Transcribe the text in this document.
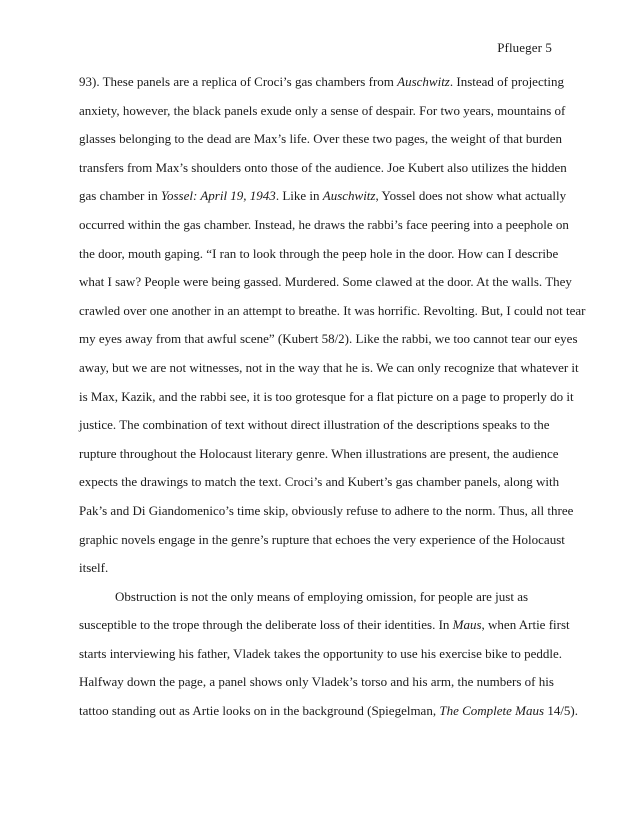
Pflueger 5
93). These panels are a replica of Croci’s gas chambers from Auschwitz. Instead of projecting
anxiety, however, the black panels exude only a sense of despair. For two years, mountains of
glasses belonging to the dead are Max’s life. Over these two pages, the weight of that burden
transfers from Max’s shoulders onto those of the audience. Joe Kubert also utilizes the hidden
gas chamber in Yossel: April 19, 1943. Like in Auschwitz, Yossel does not show what actually
occurred within the gas chamber. Instead, he draws the rabbi’s face peering into a peephole on
the door, mouth gaping. “I ran to look through the peep hole in the door. How can I describe
what I saw? People were being gassed. Murdered. Some clawed at the door. At the walls. They
crawled over one another in an attempt to breathe. It was horrific. Revolting. But, I could not tear
my eyes away from that awful scene” (Kubert 58/2). Like the rabbi, we too cannot tear our eyes
away, but we are not witnesses, not in the way that he is. We can only recognize that whatever it
is Max, Kazik, and the rabbi see, it is too grotesque for a flat picture on a page to properly do it
justice. The combination of text without direct illustration of the descriptions speaks to the
rupture throughout the Holocaust literary genre. When illustrations are present, the audience
expects the drawings to match the text. Croci’s and Kubert’s gas chamber panels, along with
Pak’s and Di Giandomenico’s time skip, obviously refuse to adhere to the norm. Thus, all three
graphic novels engage in the genre’s rupture that echoes the very experience of the Holocaust
itself.
Obstruction is not the only means of employing omission, for people are just as
susceptible to the trope through the deliberate loss of their identities. In Maus, when Artie first
starts interviewing his father, Vladek takes the opportunity to use his exercise bike to peddle.
Halfway down the page, a panel shows only Vladek’s torso and his arm, the numbers of his
tattoo standing out as Artie looks on in the background (Spiegelman, The Complete Maus 14/5).
